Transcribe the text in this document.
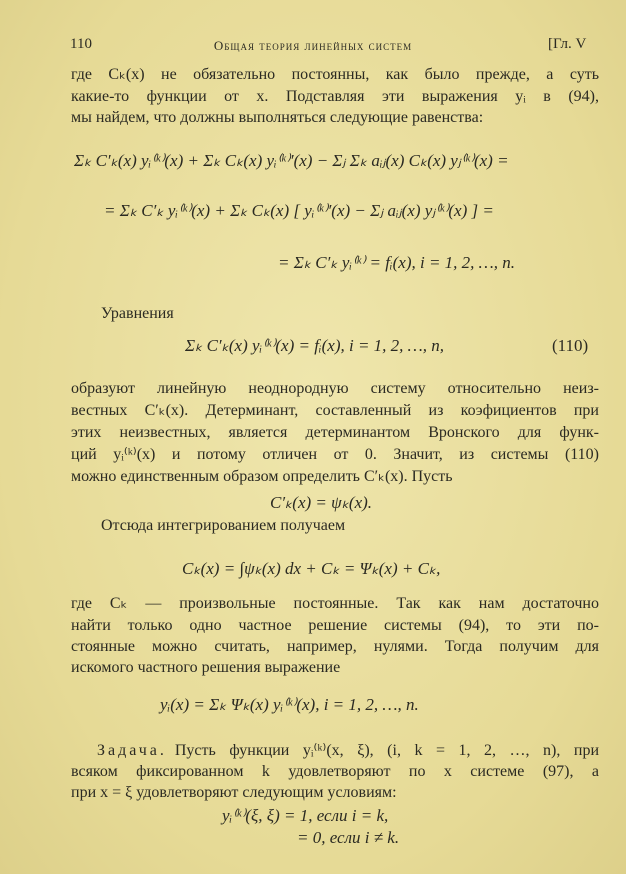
110	Общая теория линейных систем	[Гл. V
где Cₖ(x) не обязательно постоянны, как было прежде, а суть
какие-то функции от x. Подставляя эти выражения yᵢ в (94),
мы найдем, что должны выполняться следующие равенства:
Σₖ C′ₖ(x) yᵢ⁽ᵏ⁾(x) + Σₖ Cₖ(x) yᵢ⁽ᵏ⁾′(x) − Σⱼ Σₖ aᵢⱼ(x) Cₖ(x) yⱼ⁽ᵏ⁾(x) =
= Σₖ C′ₖ yᵢ⁽ᵏ⁾(x) + Σₖ Cₖ(x) [ yᵢ⁽ᵏ⁾′(x) − Σⱼ aᵢⱼ(x) yⱼ⁽ᵏ⁾(x) ] =
= Σₖ C′ₖ yᵢ⁽ᵏ⁾ = fᵢ(x), i = 1, 2, …, n.
Уравнения
Σₖ C′ₖ(x) yᵢ⁽ᵏ⁾(x) = fᵢ(x), i = 1, 2, …, n,	(110)
образуют линейную неоднородную систему относительно неиз-
вестных C′ₖ(x). Детерминант, составленный из коэфициентов при
этих неизвестных, является детерминантом Вронского для функ-
ций yᵢ⁽ᵏ⁾(x) и потому отличен от 0. Значит, из системы (110)
можно единственным образом определить C′ₖ(x). Пусть
C′ₖ(x) = ψₖ(x).
Отсюда интегрированием получаем
Cₖ(x) = ∫ψₖ(x) dx + Cₖ = Ψₖ(x) + Cₖ,
где Cₖ — произвольные постоянные. Так как нам достаточно
найти только одно частное решение системы (94), то эти по-
стоянные можно считать, например, нулями. Тогда получим для
искомого частного решения выражение
yᵢ(x) = Σₖ Ψₖ(x) yᵢ⁽ᵏ⁾(x), i = 1, 2, …, n.
Задача. Пусть функции yᵢ⁽ᵏ⁾(x, ξ), (i, k = 1, 2, …, n), при
всяком фиксированном k удовлетворяют по x системе (97), а
при x = ξ удовлетворяют следующим условиям:
yᵢ⁽ᵏ⁾(ξ, ξ) = 1, если i = k,
= 0, если i ≠ k.
